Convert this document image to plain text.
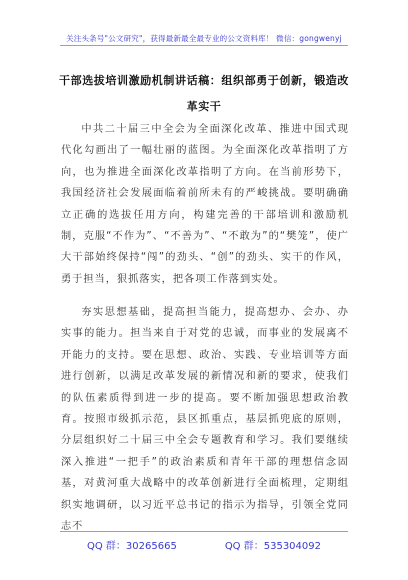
关注头条号"公文研究"，获得最新最全最专业的公文资料库！ 微信：gongwenyj
干部选拔培训激励机制讲话稿：组织部勇于创新，锻造改革实干

中共二十届三中全会为全面深化改革、推进中国式现代化勾画出了一幅壮丽的蓝图。为全面深化改革指明了方向，也为推进全面深化改革指明了方向。在当前形势下，我国经济社会发展面临着前所未有的严峻挑战。要明确确立正确的选拔任用方向，构建完善的干部培训和激励机制，克服“不作为”、“不善为”、“不敢为”的“樊笼”，使广大干部始终保持“闯”的劲头、“创”的劲头、实干的作风，勇于担当，狠抓落实，把各项工作落到实处。

夯实思想基础，提高担当能力，提高想办、会办、办实事的能力。担当来自于对党的忠诚，而事业的发展离不开能力的支持。要在思想、政治、实践、专业培训等方面进行创新，以满足改革发展的新情况和新的要求，使我们的队伍素质得到进一步的提高。要不断加强思想政治教育。按照市级抓示范，县区抓重点，基层抓兜底的原则，分层组织好二十届三中全会专题教育和学习。我们要继续深入推进“一把手”的政治素质和青年干部的理想信念固基，对黄河重大战略中的改革创新进行全面梳理，定期组织实地调研，以习近平总书记的指示为指导，引领全党同志不

QQ 群：30265665	QQ 群：535304092
